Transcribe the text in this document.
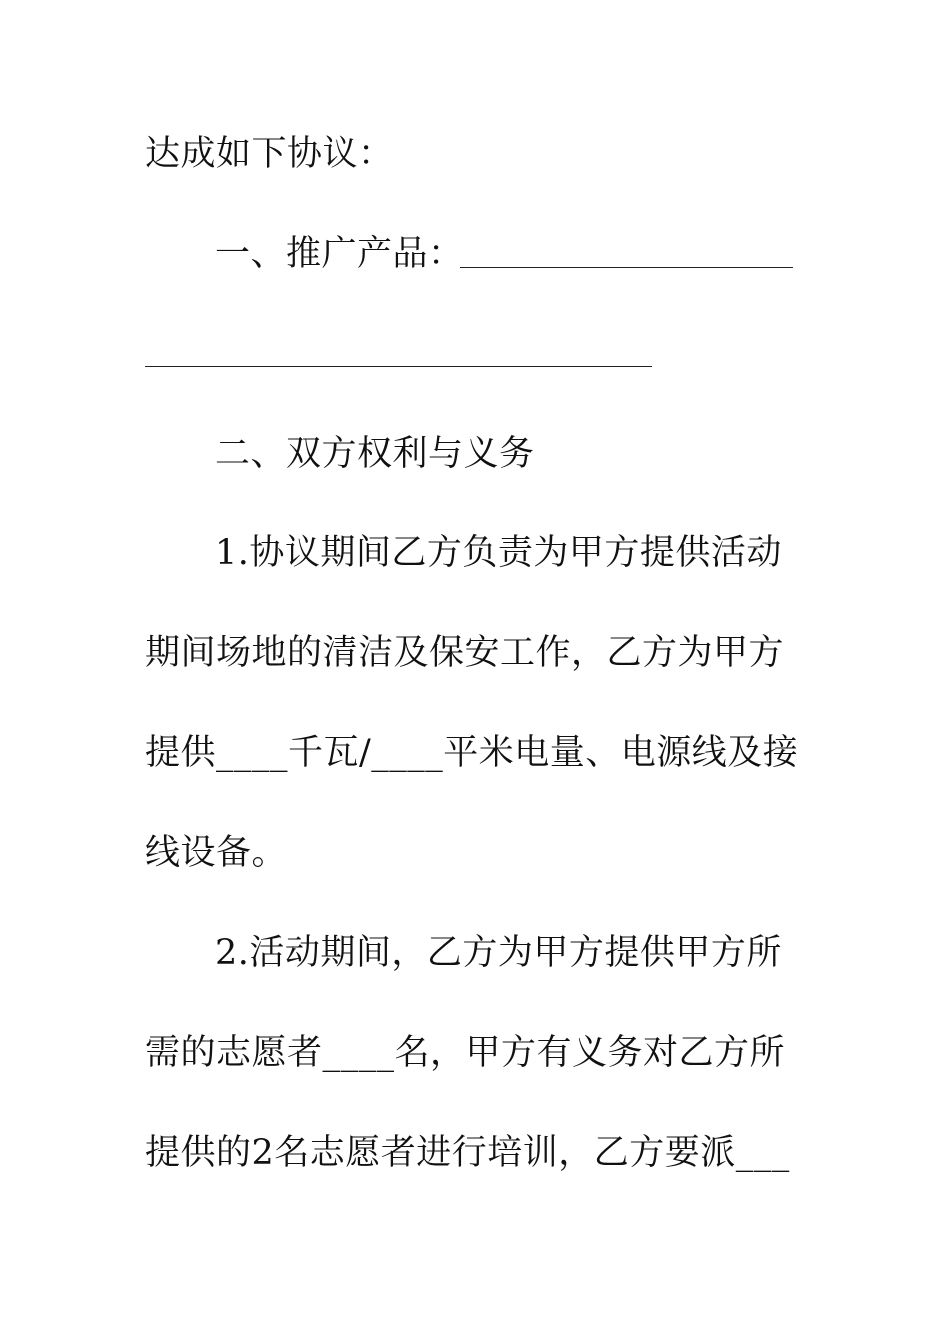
达成如下协议：
一、推广产品：
二、双方权利与义务
1.协议期间乙方负责为甲方提供活动
期间场地的清洁及保安工作，乙方为甲方
提供____千瓦/____平米电量、电源线及接
线设备。
2.活动期间，乙方为甲方提供甲方所
需的志愿者____名，甲方有义务对乙方所
提供的2名志愿者进行培训，乙方要派___
